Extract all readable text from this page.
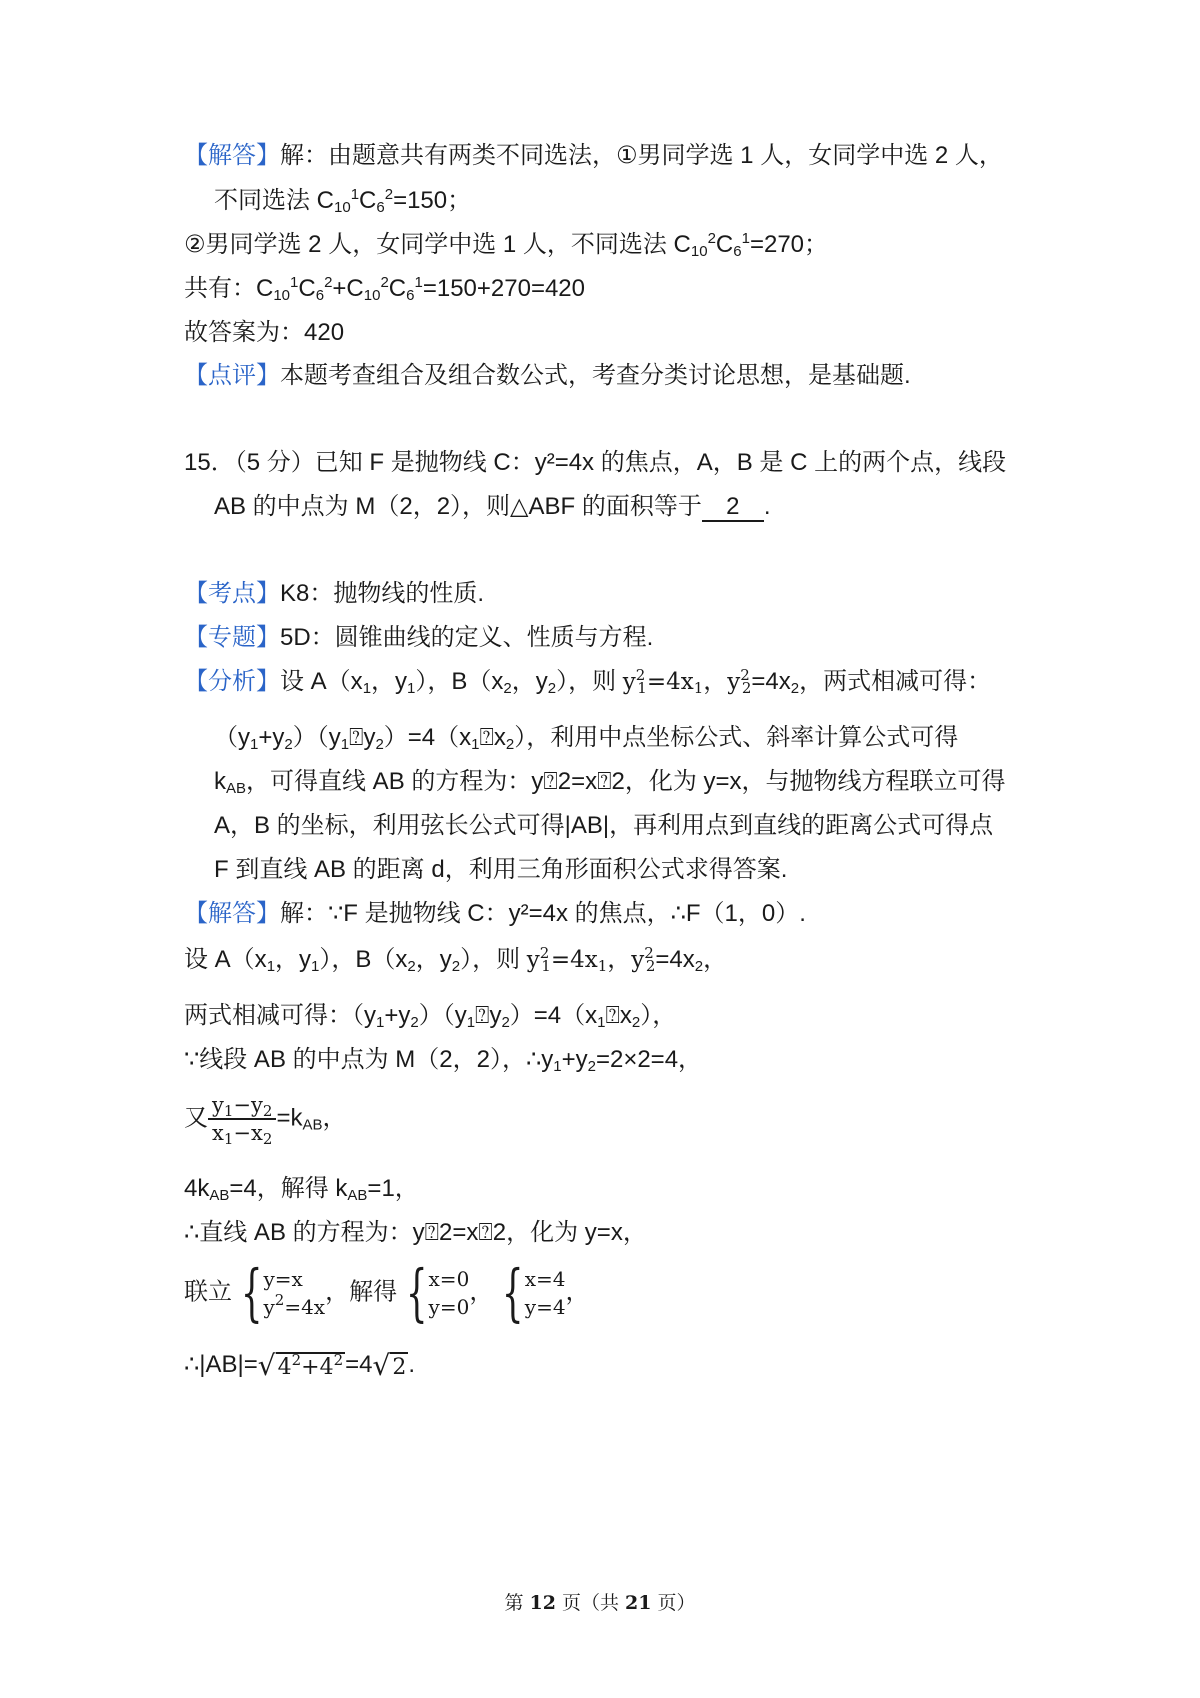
【解答】解：由题意共有两类不同选法，①男同学选 1 人，女同学中选 2 人，
不同选法 $C_{10}^1C_6^2=150$；
②男同学选 2 人，女同学中选 1 人，不同选法 $C_{10}^2C_6^1=270$；
共有：$C_{10}^1C_6^2+C_{10}^2C_6^1=150+270=420$
故答案为：420
【点评】本题考查组合及组合数公式，考查分类讨论思想，是基础题.
15．（5 分）已知 F 是抛物线 C：y²=4x 的焦点，A，B 是 C 上的两个点，线段
AB 的中点为 M（2，2），则△ABF 的面积等于 2 .
【考点】K8：抛物线的性质.
【专题】5D：圆锥曲线的定义、性质与方程.
【分析】设 $A(x_1$，$y_1$），$B(x_2$，$y_2$），则 $y^2_1=4x_1$，$y^2_2=4x_2$，两式相减可得：
$(y_1+y_2)(y_1⍰y_2)=4(x_1⍰x_2)$，利用中点坐标公式、斜率计算公式可得
$k_{AB}$，可得直线 AB 的方程为：y⍰2=x⍰2，化为 y=x，与抛物线方程联立可得
A，B 的坐标，利用弦长公式可得|AB|，再利用点到直线的距离公式可得点
F 到直线 AB 的距离 d，利用三角形面积公式求得答案.
【解答】解：∵F 是抛物线 C：y²=4x 的焦点，∴F（1，0）.
设 $A(x_1$，$y_1$），$B(x_2$，$y_2$），则 $y^2_1=4x_1$，$y^2_2=4x_2$，
两式相减可得：$(y_1+y_2)(y_1⍰y_2)=4(x_1⍰x_2)$，
∵线段 AB 的中点为 M（2，2），$\therefore y_1+y_2=2\times 2=4$，
又 $\frac{y_1-y_2}{x_1-x_2} =k_{AB}$，
$4k_{AB}=4$，解得 $k_{AB}=1$，
∴直线 AB 的方程为：y⍰2=x⍰2，化为 y=x，
联立 { y=x
$y^2=4x$
，解得 { x=0
y=0
， { x=4
y=4
，
∴|AB|= √ $4^2+4^2 =4$ √ 2 .
第 12 页（共 21 页）
